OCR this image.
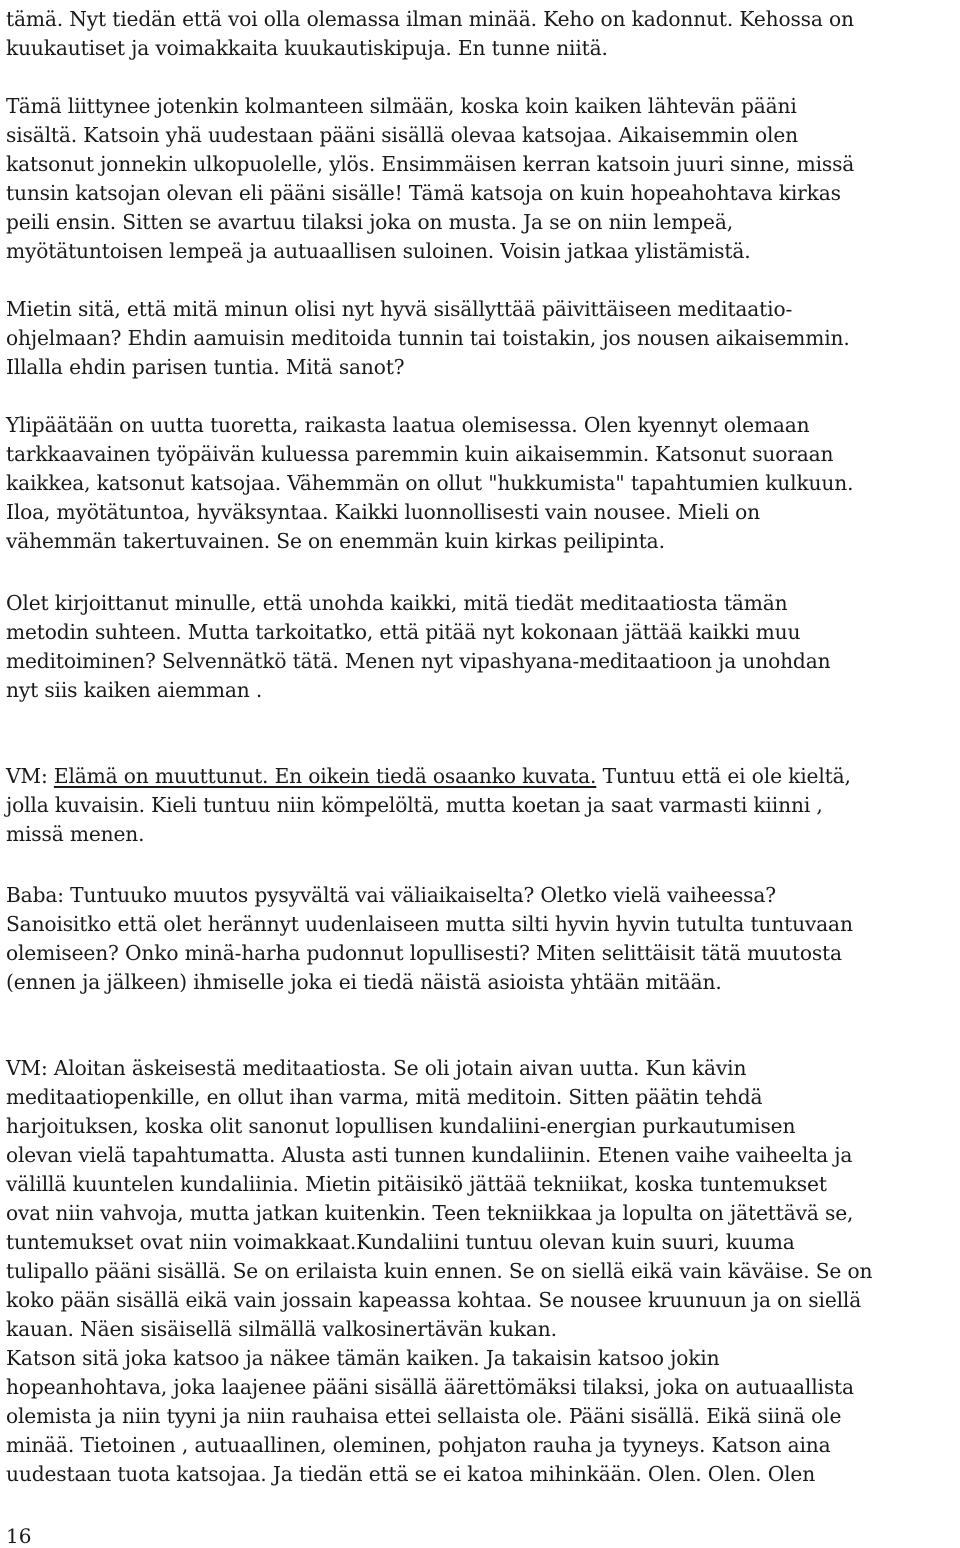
tämä. Nyt tiedän että voi olla olemassa ilman minää. Keho on kadonnut. Kehossa on
kuukautiset ja voimakkaita kuukautiskipuja. En tunne niitä.

Tämä liittynee jotenkin kolmanteen silmään, koska koin kaiken lähtevän pääni
sisältä. Katsoin yhä uudestaan pääni sisällä olevaa katsojaa. Aikaisemmin olen
katsonut jonnekin ulkopuolelle, ylös. Ensimmäisen kerran katsoin juuri sinne, missä
tunsin katsojan olevan eli pääni sisälle! Tämä katsoja on kuin hopeahohtava kirkas
peili ensin. Sitten se avartuu tilaksi joka on musta. Ja se on niin lempeä,
myötätuntoisen lempeä ja autuaallisen suloinen. Voisin jatkaa ylistämistä.

Mietin sitä, että mitä minun olisi nyt hyvä sisällyttää päivittäiseen meditaatio-
ohjelmaan? Ehdin aamuisin meditoida tunnin tai toistakin, jos nousen aikaisemmin.
Illalla ehdin parisen tuntia. Mitä sanot?

Ylipäätään on uutta tuoretta, raikasta laatua olemisessa. Olen kyennyt olemaan
tarkkaavainen työpäivän kuluessa paremmin kuin aikaisemmin. Katsonut suoraan
kaikkea, katsonut katsojaa. Vähemmän on ollut "hukkumista" tapahtumien kulkuun.
Iloa, myötätuntoa, hyväksyntaa. Kaikki luonnollisesti vain nousee. Mieli on
vähemmän takertuvainen. Se on enemmän kuin kirkas peilipinta.

Olet kirjoittanut minulle, että unohda kaikki, mitä tiedät meditaatiosta tämän
metodin suhteen. Mutta tarkoitatko, että pitää nyt kokonaan jättää kaikki muu
meditoiminen? Selvennätkö tätä. Menen nyt vipashyana-meditaatioon ja unohdan
nyt siis kaiken aiemman .

VM: Elämä on muuttunut. En oikein tiedä osaanko kuvata. Tuntuu että ei ole kieltä,
jolla kuvaisin. Kieli tuntuu niin kömpelöltä, mutta koetan ja saat varmasti kiinni ,
missä menen.

Baba: Tuntuuko muutos pysyvältä vai väliaikaiselta? Oletko vielä vaiheessa?
Sanoisitko että olet herännyt uudenlaiseen mutta silti hyvin hyvin tutulta tuntuvaan
olemiseen? Onko minä-harha pudonnut lopullisesti? Miten selittäisit tätä muutosta
(ennen ja jälkeen) ihmiselle joka ei tiedä näistä asioista yhtään mitään.

VM: Aloitan äskeisestä meditaatiosta. Se oli jotain aivan uutta. Kun kävin
meditaatiopenkille, en ollut ihan varma, mitä meditoin. Sitten päätin tehdä
harjoituksen, koska olit sanonut lopullisen kundaliini-energian purkautumisen
olevan vielä tapahtumatta. Alusta asti tunnen kundaliinin. Etenen vaihe vaiheelta ja
välillä kuuntelen kundaliinia. Mietin pitäisikö jättää tekniikat, koska tuntemukset
ovat niin vahvoja, mutta jatkan kuitenkin. Teen tekniikkaa ja lopulta on jätettävä se,
tuntemukset ovat niin voimakkaat.Kundaliini tuntuu olevan kuin suuri, kuuma
tulipallo pääni sisällä. Se on erilaista kuin ennen. Se on siellä eikä vain käväise. Se on
koko pään sisällä eikä vain jossain kapeassa kohtaa. Se nousee kruunuun ja on siellä
kauan. Näen sisäisellä silmällä valkosinertävän kukan.
Katson sitä joka katsoo ja näkee tämän kaiken. Ja takaisin katsoo jokin
hopeanhohtava, joka laajenee pääni sisällä äärettömäksi tilaksi, joka on autuaallista
olemista ja niin tyyni ja niin rauhaisa ettei sellaista ole. Pääni sisällä. Eikä siinä ole
minää. Tietoinen , autuaallinen, oleminen, pohjaton rauha ja tyyneys. Katson aina
uudestaan tuota katsojaa. Ja tiedän että se ei katoa mihinkään. Olen. Olen. Olen

16
